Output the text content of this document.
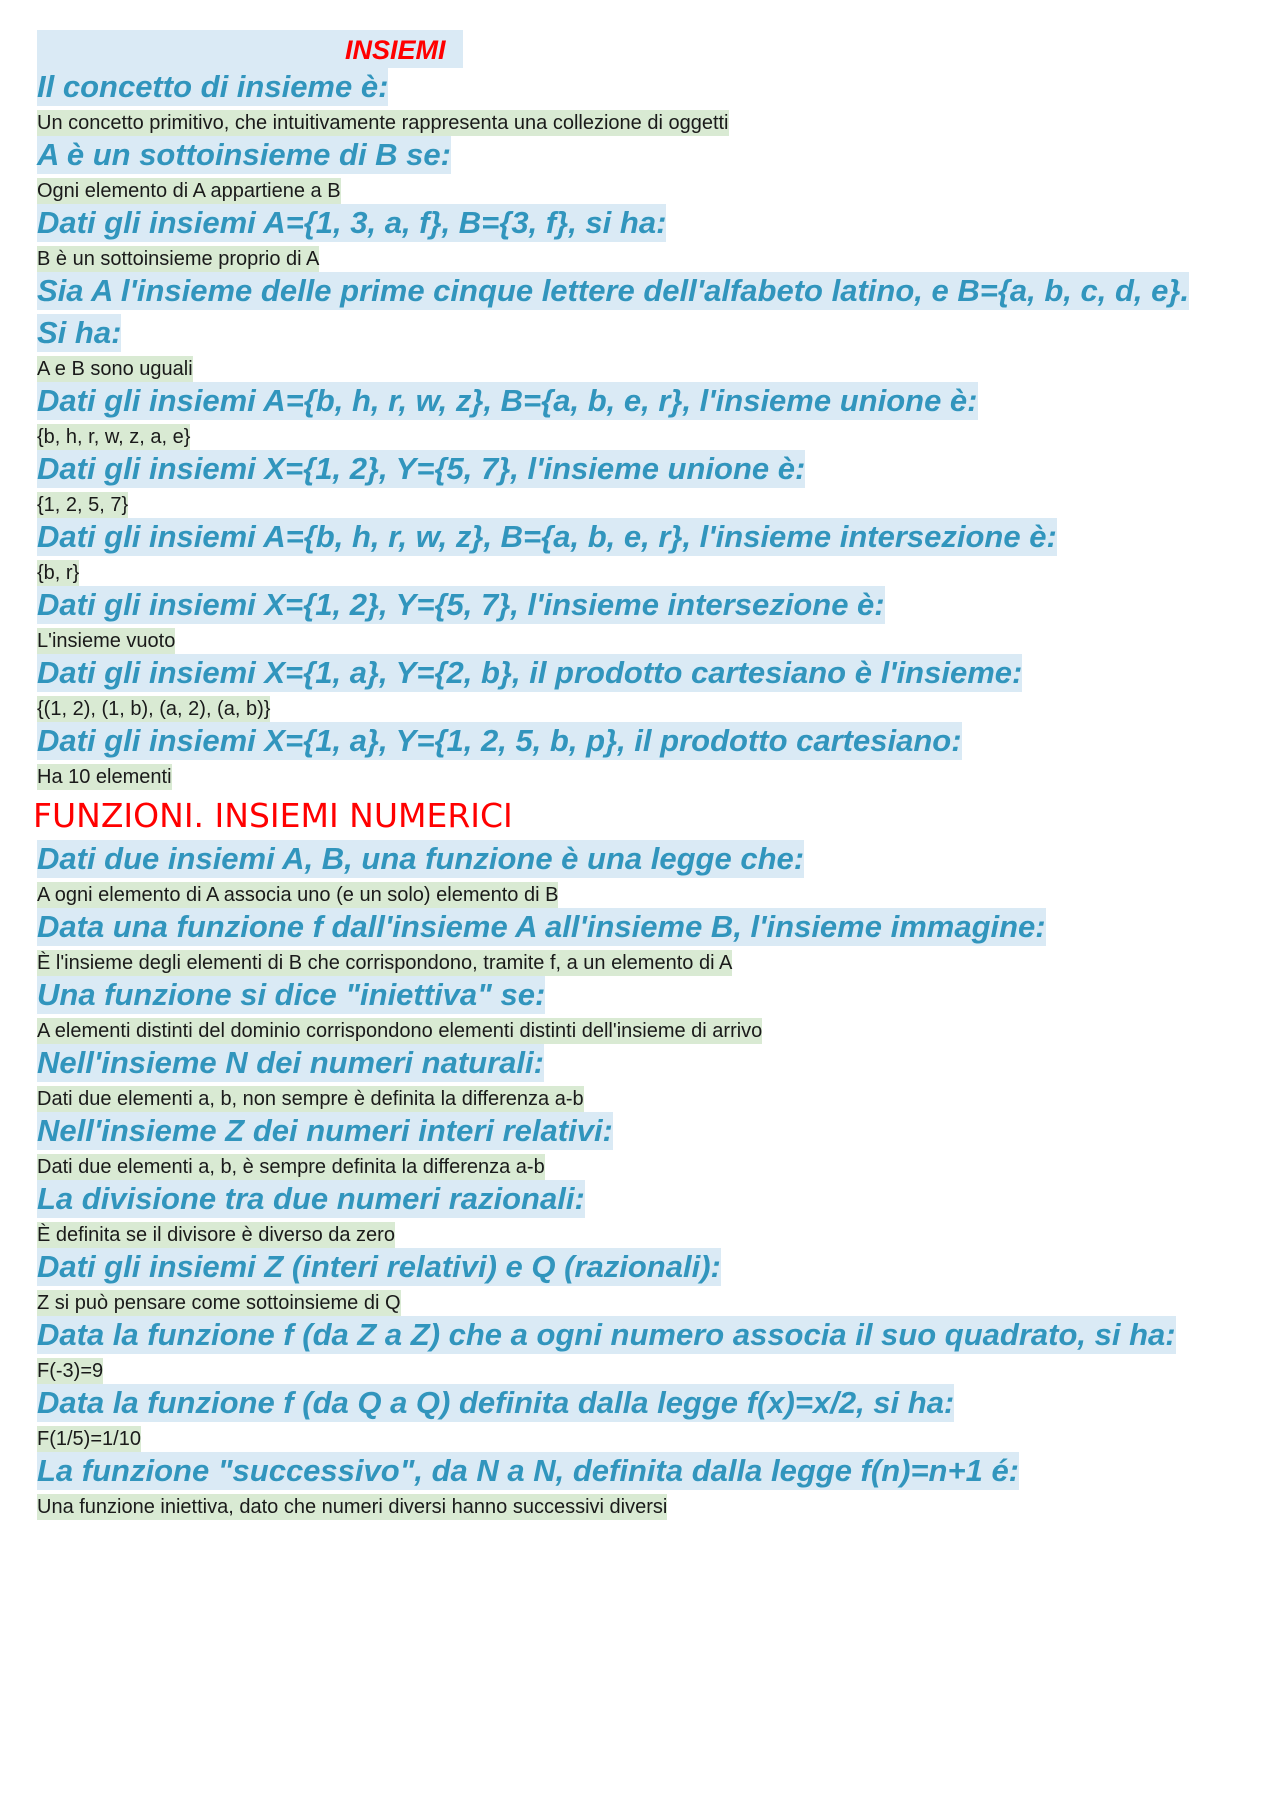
INSIEMI
Il concetto di insieme è:
Un concetto primitivo, che intuitivamente rappresenta una collezione di oggetti
A è un sottoinsieme di B se:
Ogni elemento di A appartiene a B
Dati gli insiemi A={1, 3, a, f}, B={3, f}, si ha:
B è un sottoinsieme proprio di A
Sia A l'insieme delle prime cinque lettere dell'alfabeto latino, e B={a, b, c, d, e}.
Si ha:
A e B sono uguali
Dati gli insiemi A={b, h, r, w, z}, B={a, b, e, r}, l'insieme unione è:
{b, h, r, w, z, a, e}
Dati gli insiemi X={1, 2}, Y={5, 7}, l'insieme unione è:
{1, 2, 5, 7}
Dati gli insiemi A={b, h, r, w, z}, B={a, b, e, r}, l'insieme intersezione è:
{b, r}
Dati gli insiemi X={1, 2}, Y={5, 7}, l'insieme intersezione è:
L'insieme vuoto
Dati gli insiemi X={1, a}, Y={2, b}, il prodotto cartesiano è l'insieme:
{(1, 2), (1, b), (a, 2), (a, b)}
Dati gli insiemi X={1, a}, Y={1, 2, 5, b, p}, il prodotto cartesiano:
Ha 10 elementi
FUNZIONI. INSIEMI NUMERICI
Dati due insiemi A, B, una funzione è una legge che:
A ogni elemento di A associa uno (e un solo) elemento di B
Data una funzione f dall'insieme A all'insieme B, l'insieme immagine:
È l'insieme degli elementi di B che corrispondono, tramite f, a un elemento di A
Una funzione si dice "iniettiva" se:
A elementi distinti del dominio corrispondono elementi distinti dell'insieme di arrivo
Nell'insieme N dei numeri naturali:
Dati due elementi a, b, non sempre è definita la differenza a-b
Nell'insieme Z dei numeri interi relativi:
Dati due elementi a, b, è sempre definita la differenza a-b
La divisione tra due numeri razionali:
È definita se il divisore è diverso da zero
Dati gli insiemi Z (interi relativi) e Q (razionali):
Z si può pensare come sottoinsieme di Q
Data la funzione f (da Z a Z) che a ogni numero associa il suo quadrato, si ha:
F(-3)=9
Data la funzione f (da Q a Q) definita dalla legge f(x)=x/2, si ha:
F(1/5)=1/10
La funzione "successivo", da N a N, definita dalla legge f(n)=n+1 é:
Una funzione iniettiva, dato che numeri diversi hanno successivi diversi
